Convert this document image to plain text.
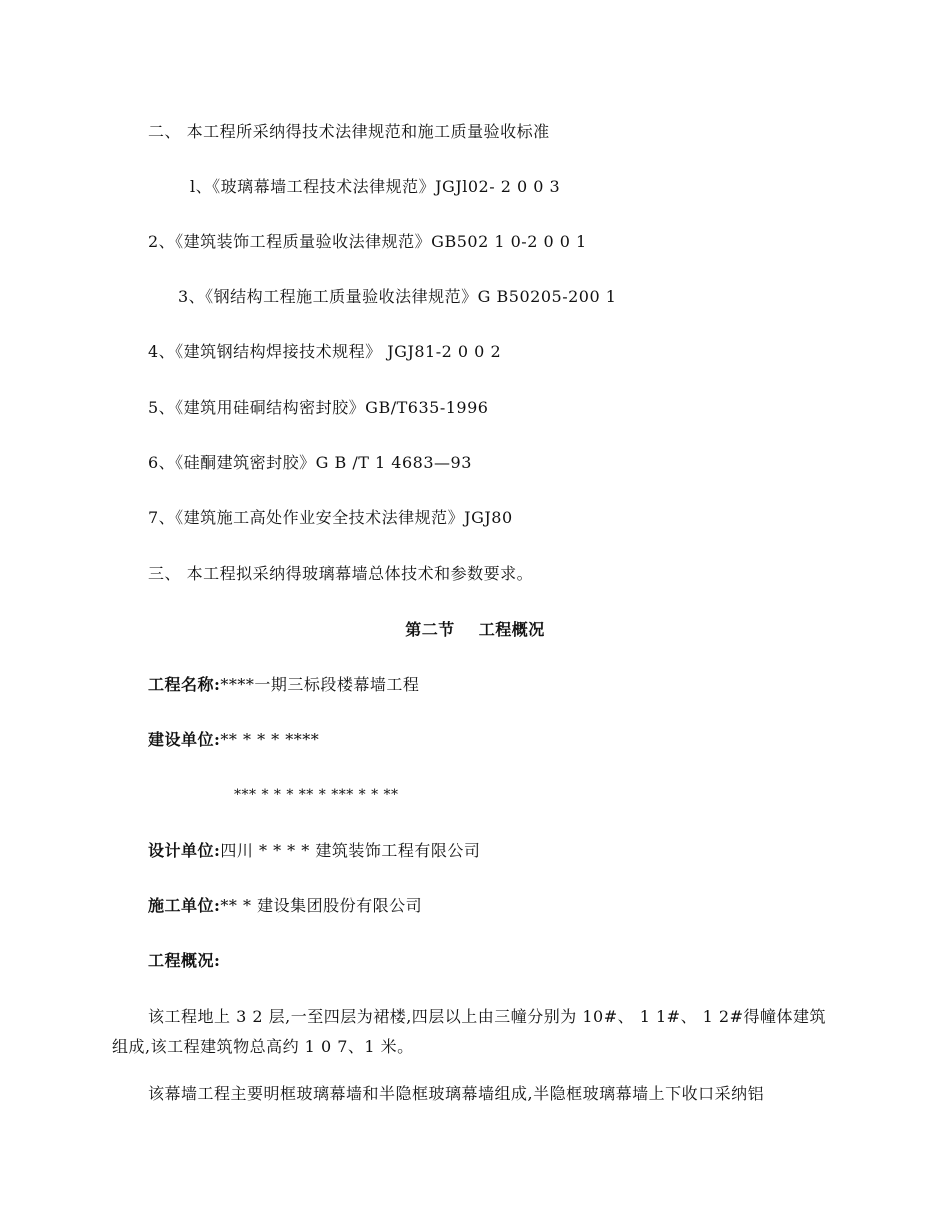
二、 本工程所采纳得技术法律规范和施工质量验收标准
l、《玻璃幕墙工程技术法律规范》JGJl02- 2 0 0 3
2、《建筑装饰工程质量验收法律规范》GB502 1 0-2 0 0 1
3、《钢结构工程施工质量验收法律规范》G B50205-200 1
4、《建筑钢结构焊接技术规程》 JGJ81-2 0 0 2
5、《建筑用硅硐结构密封胶》GB/T635-1996
6、《硅酮建筑密封胶》G B /T 1 4683—93
7、《建筑施工高处作业安全技术法律规范》JGJ80
三、 本工程拟采纳得玻璃幕墙总体技术和参数要求。
第二节 工程概况
工程名称:****一期三标段楼幕墙工程
建设单位:** * * * ****
*** * * * ** * *** * * **
设计单位:四川 * * * * 建筑装饰工程有限公司
施工单位:** * 建设集团股份有限公司
工程概况:
该工程地上 3 2 层,一至四层为裙楼,四层以上由三幢分别为 10#、 1 1#、 1 2#得幢体建筑组成,该工程建筑物总高约 1 0 7、1 米。
该幕墙工程主要明框玻璃幕墙和半隐框玻璃幕墙组成,半隐框玻璃幕墙上下收口采纳铝
